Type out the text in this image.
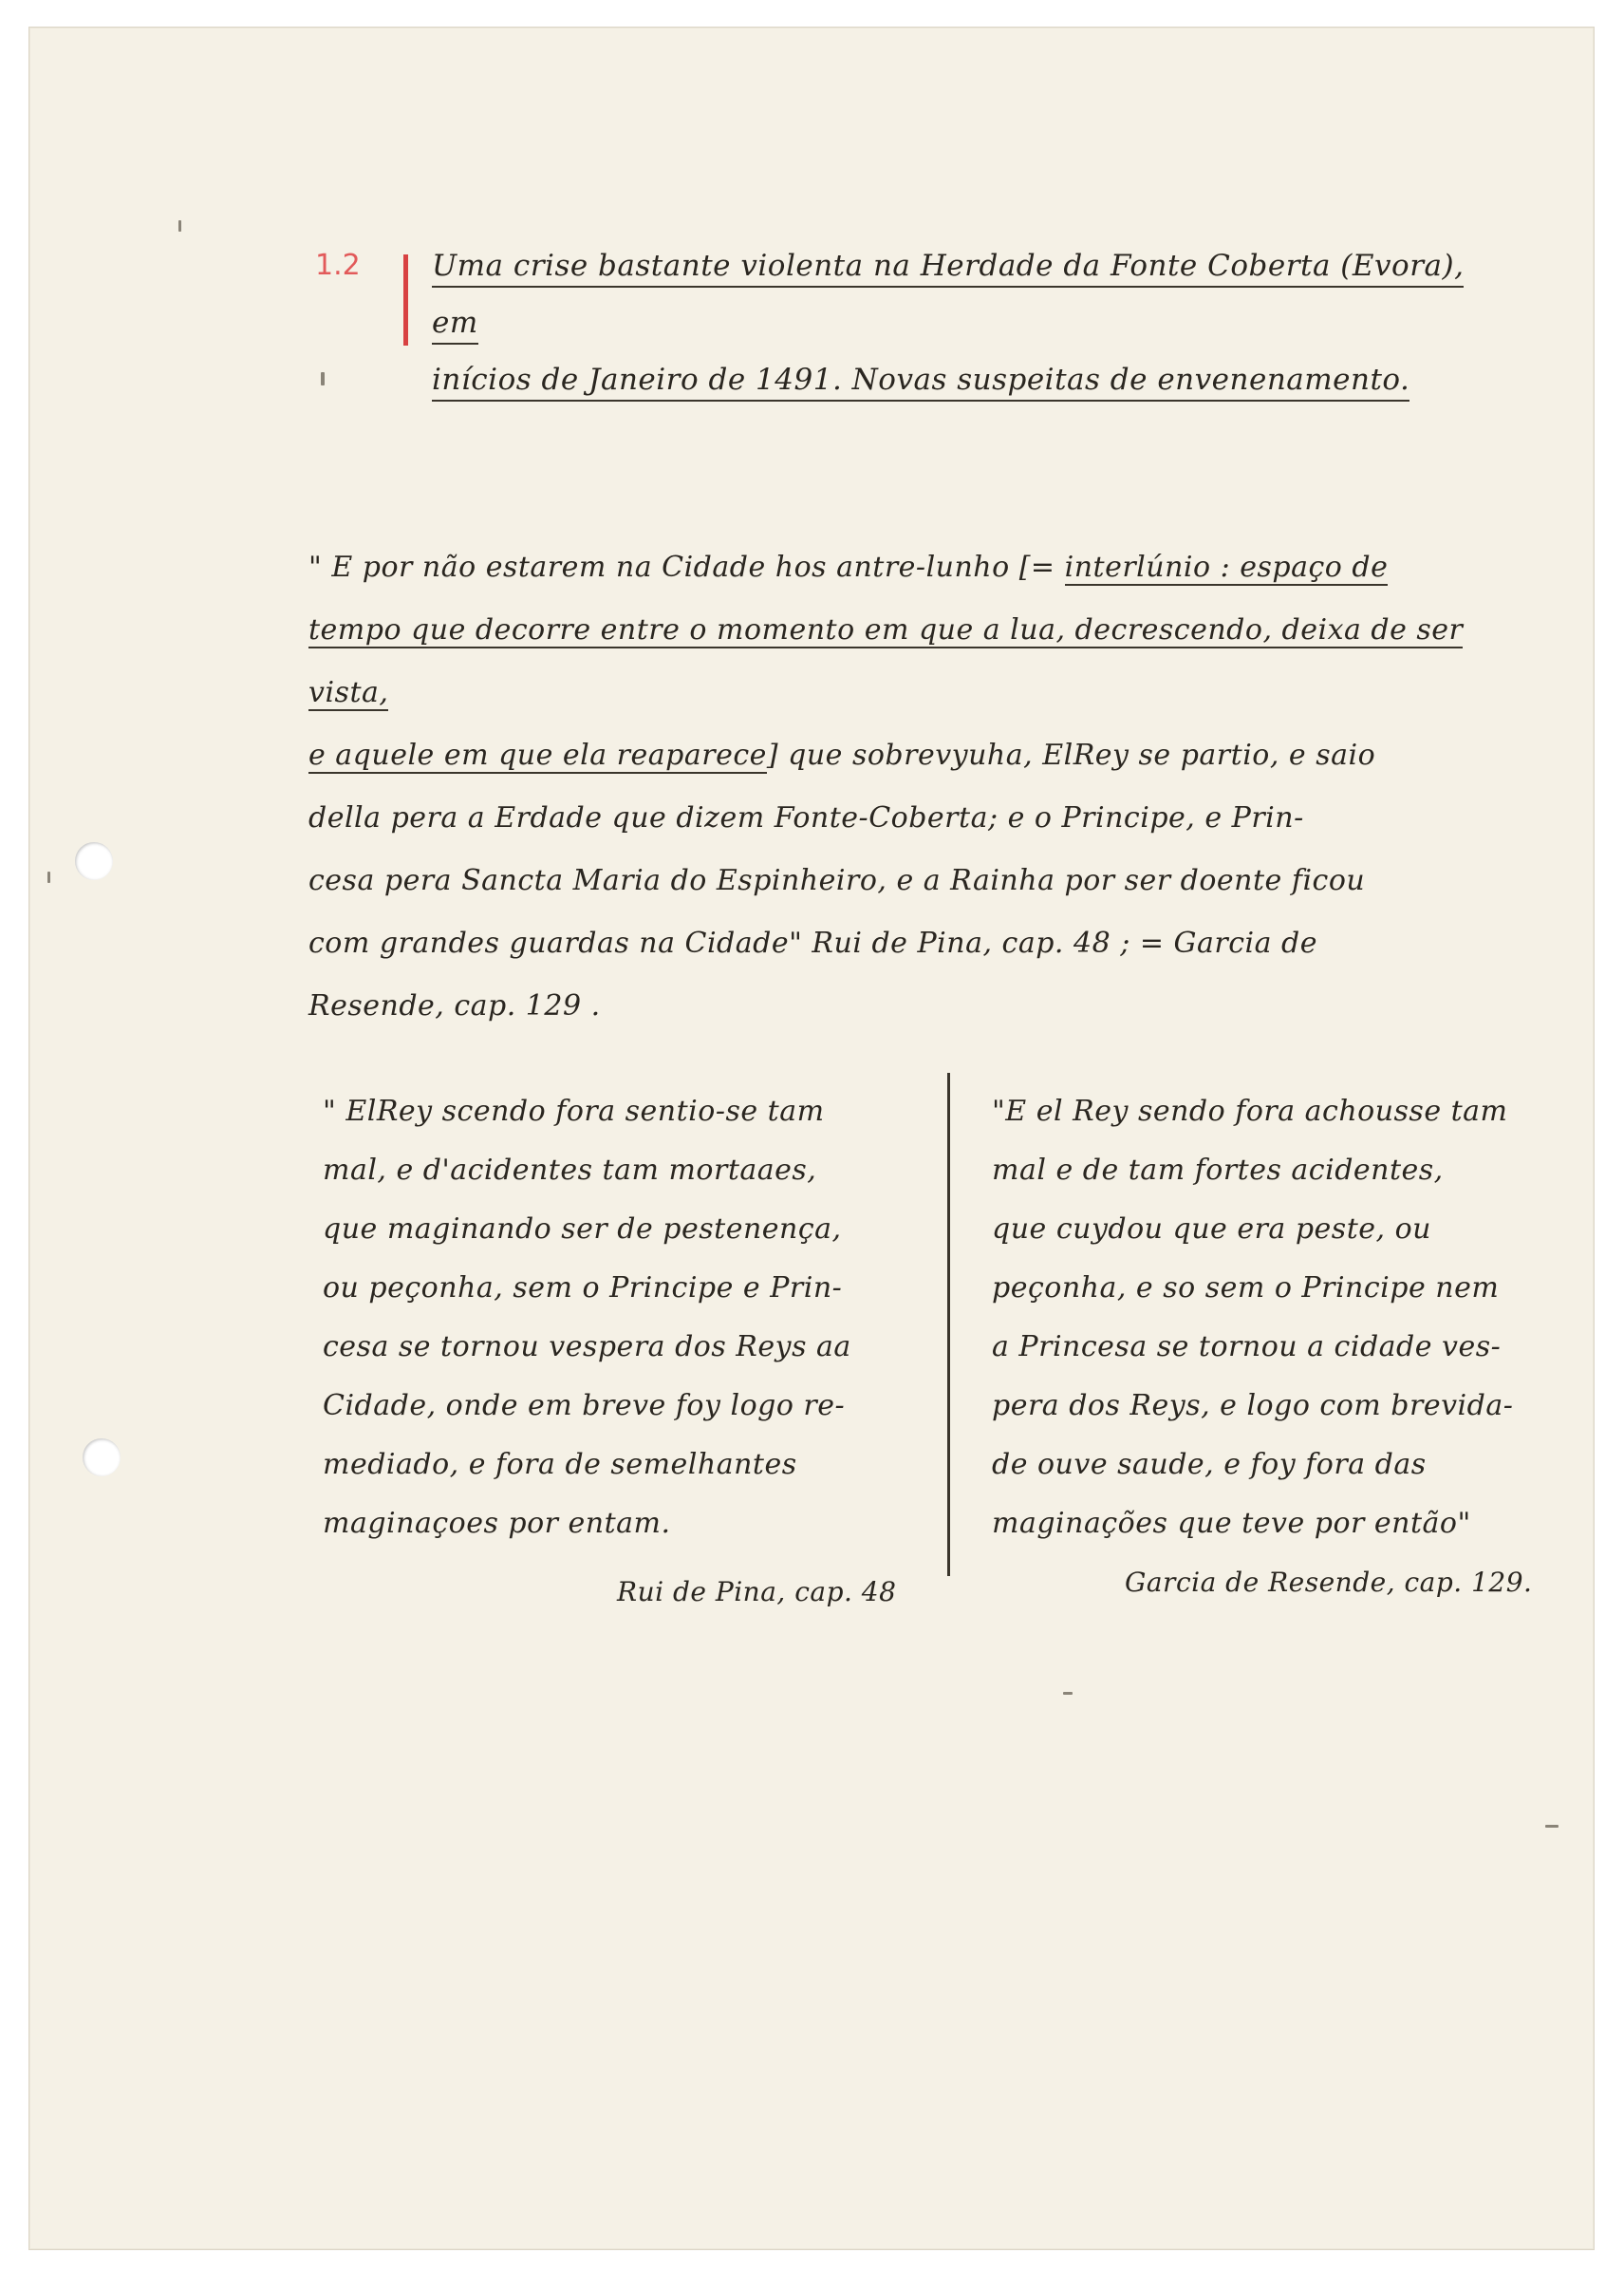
1.2 Uma crise bastante violenta na Herdade da Fonte Coberta (Evora), em
inícios de Janeiro de 1491. Novas suspeitas de envenenamento.
" E por não estarem na Cidade hos antre-lunho [= interlúnio : espaço de
tempo que decorre entre o momento em que a lua, decrescendo, deixa de ser vista,
e aquele em que ela reaparece] que sobrevyuha, ElRey se partio, e saio
della pera a Erdade que dizem Fonte-Coberta; e o Principe, e Prin-
cesa pera Sancta Maria do Espinheiro, e a Rainha por ser doente ficou
com grandes guardas na Cidade" Rui de Pina, cap. 48 ; = Garcia de
Resende, cap. 129 .
" ElRey scendo fora sentio-se tam
mal, e d'acidentes tam mortaaes,
que maginando ser de pestenença,
ou peçonha, sem o Principe e Prin-
cesa se tornou vespera dos Reys aa
Cidade, onde em breve foy logo re-
mediado, e fora de semelhantes
maginaçoes por entam.
"E el Rey sendo fora achousse tam
mal e de tam fortes acidentes,
que cuydou que era peste, ou
peçonha, e so sem o Principe nem
a Princesa se tornou a cidade ves-
pera dos Reys, e logo com brevida-
de ouve saude, e foy fora das
maginações que teve por então"
Rui de Pina, cap. 48	Garcia de Resende, cap. 129.
